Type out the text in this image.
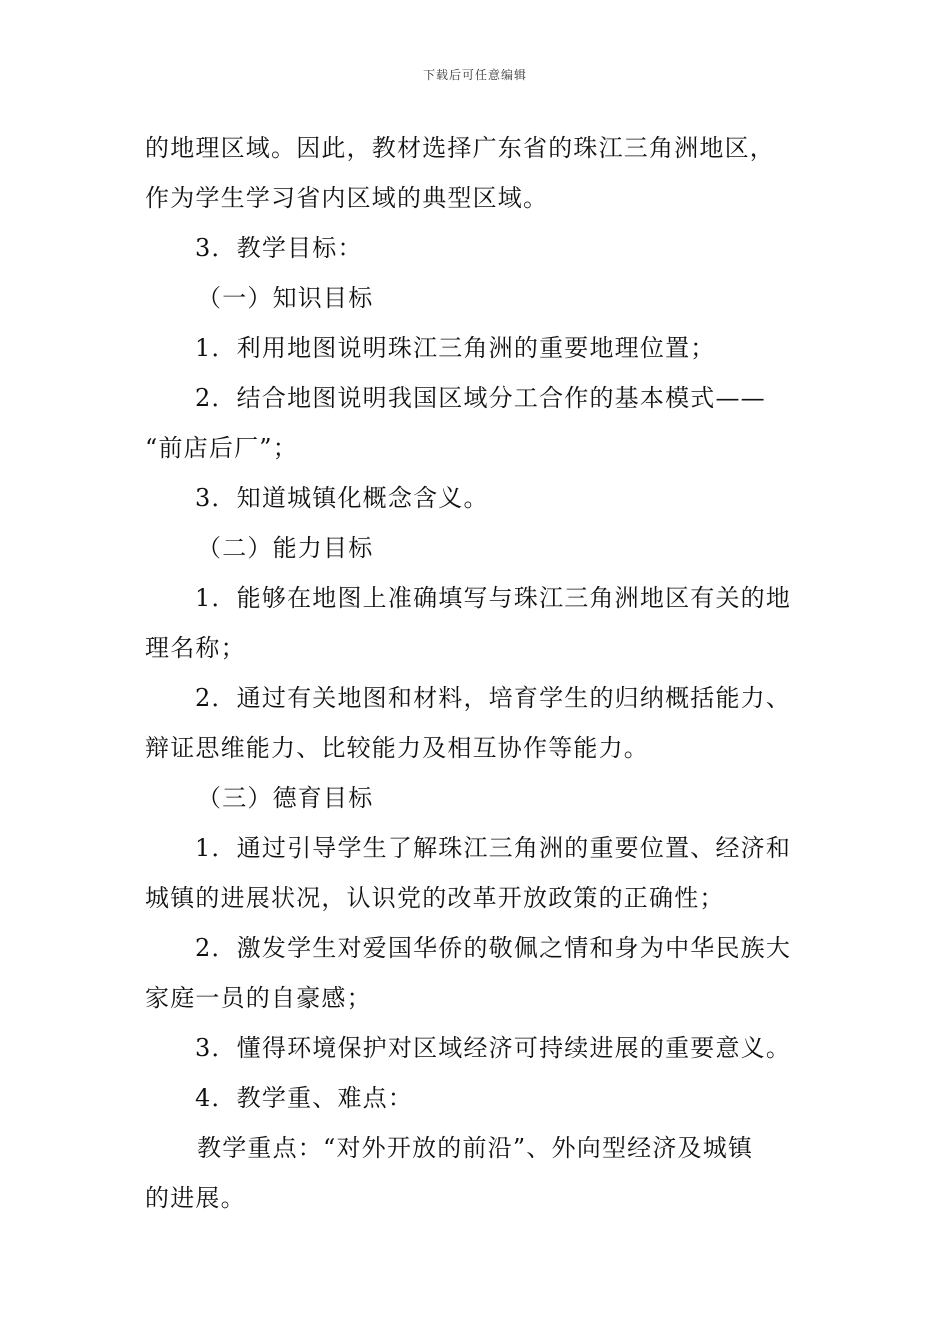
下载后可任意编辑
的地理区域。因此，教材选择广东省的珠江三角洲地区，
作为学生学习省内区域的典型区域。
3．教学目标：
（一）知识目标
1．利用地图说明珠江三角洲的重要地理位置；
2．结合地图说明我国区域分工合作的基本模式——
“前店后厂”；
3．知道城镇化概念含义。
（二）能力目标
1．能够在地图上准确填写与珠江三角洲地区有关的地
理名称；
2．通过有关地图和材料，培育学生的归纳概括能力、
辩证思维能力、比较能力及相互协作等能力。
（三）德育目标
1．通过引导学生了解珠江三角洲的重要位置、经济和
城镇的进展状况，认识党的改革开放政策的正确性；
2．激发学生对爱国华侨的敬佩之情和身为中华民族大
家庭一员的自豪感；
3．懂得环境保护对区域经济可持续进展的重要意义。
4．教学重、难点：
教学重点：“对外开放的前沿”、外向型经济及城镇
的进展。
